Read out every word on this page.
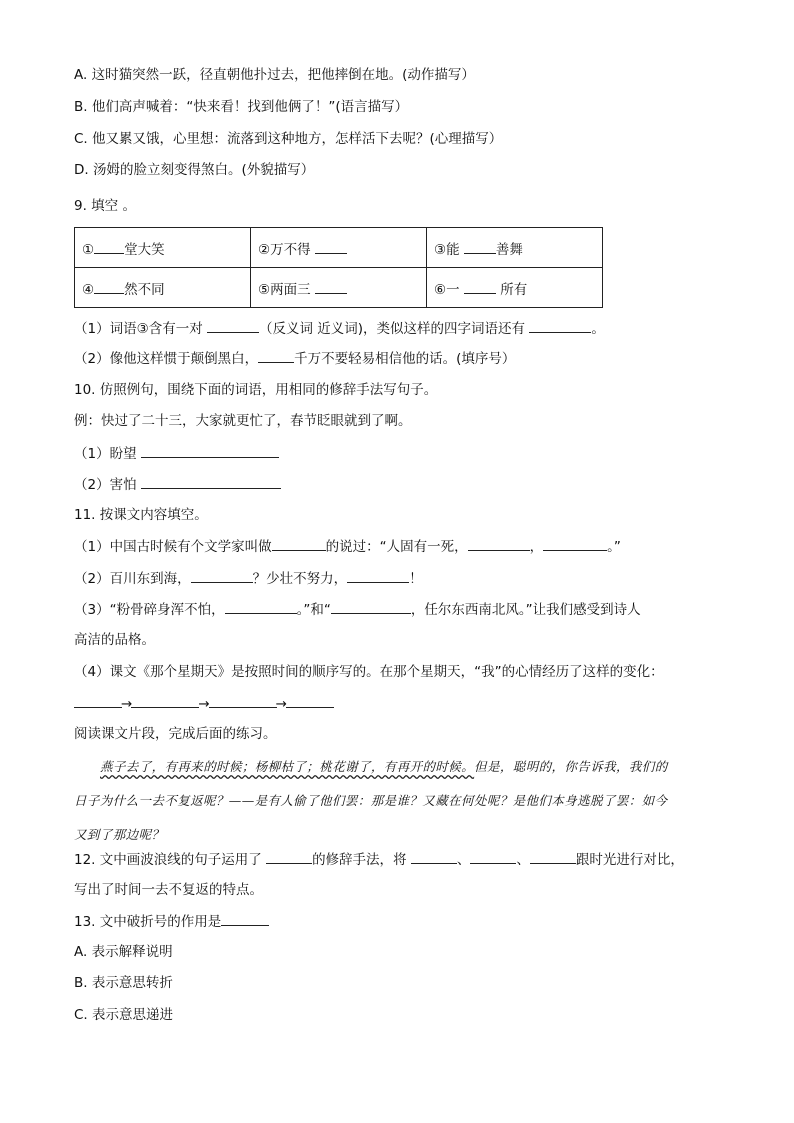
A. 这时猫突然一跃，径直朝他扑过去，把他摔倒在地。(动作描写）
B. 他们高声喊着：“快来看！找到他俩了！”(语言描写）
C. 他又累又饿，心里想：流落到这种地方，怎样活下去呢？(心理描写）
D. 汤姆的脸立刻变得煞白。(外貌描写）
9. 填空 。
① 堂大笑	②万不得	③能 善舞
④ 然不同	⑤两面三	⑥一 所有
（1）词语③含有一对	（反义词 近义词)，类似这样的四字词语还有	。
（2）像他这样惯于颠倒黑白，	千万不要轻易相信他的话。(填序号）
10. 仿照例句，围绕下面的词语，用相同的修辞手法写句子。
例：快过了二十三，大家就更忙了，春节眨眼就到了啊。
（1）盼望
（2）害怕
11. 按课文内容填空。
（1）中国古时候有个文学家叫做	的说过：“人固有一死，	，	。”
（2）百川东到海，	？少壮不努力，	！
（3）“粉骨碎身浑不怕，	。”和“	，任尔东西南北风。”让我们感受到诗人
高洁的品格。
（4）课文《那个星期天》是按照时间的顺序写的。在那个星期天，“我”的心情经历了这样的变化：
→	→	→
阅读课文片段，完成后面的练习。
燕子去了，有再来的时候；杨柳枯了；桃花谢了，有再开的时候。但是，聪明的，你告诉我，我们的
日子为什么一去不复返呢？——是有人偷了他们罢：那是谁？又藏在何处呢？是他们本身逃脱了罢：如今
又到了那边呢？
12. 文中画波浪线的句子运用了	的修辞手法，将	、	、	跟时光进行对比，
写出了时间一去不复返的特点。
13. 文中破折号的作用是
A. 表示解释说明
B. 表示意思转折
C. 表示意思递进
